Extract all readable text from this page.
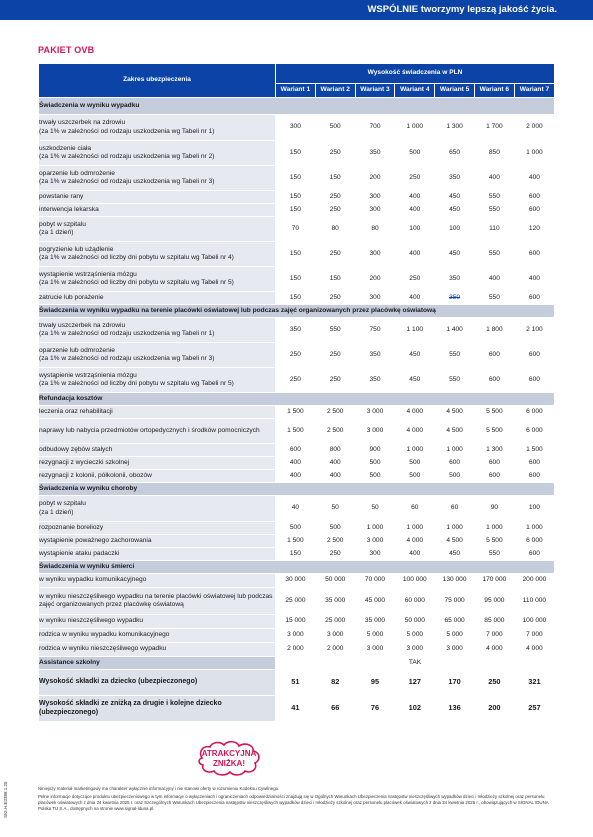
WSPÓLNIE tworzymy lepszą jakość życia.
PAKIET OVB
Zakres ubezpieczenia	Wysokość świadczenia w PLN						
	Wariant 1	Wariant 2	Wariant 3	Wariant 4	Wariant 5	Wariant 6	Wariant 7
Świadczenia w wyniku wypadku							

trwały uszczerbek na zdrowiu
(za 1% w zależności od rodzaju uszkodzenia wg Tabeli nr 1)	300	500	700	1 000	1 300	1 700	2 000

uszkodzenie ciała
(za 1% w zależności od rodzaju uszkodzenia wg Tabeli nr 2)	150	250	350	500	650	850	1 000

oparzenie lub odmrożenie
(za 1% w zależności od rodzaju uszkodzenia wg Tabeli nr 3)	150	150	200	250	350	400	400

powstanie rany	150	250	300	400	450	550	600

interwencja lekarska	150	250	300	400	450	550	600

pobyt w szpitalu
(za 1 dzień)	70	80	80	100	100	110	120

pogryzienie lub użądlenie
(za 1% w zależności od liczby dni pobytu w szpitalu wg Tabeli nr 4)	150	250	300	400	450	550	600

wystąpienie wstrząśnienia mózgu
(za 1% w zależności od liczby dni pobytu w szpitalu wg Tabeli nr 5)	150	150	200	250	350	400	400

zatrucie lub porażenie	150	250	300	400	350	550	600
Świadczenia w wyniku wypadku na terenie placówki oświatowej lub podczas zajęć organizowanych przez placówkę oświatową							

trwały uszczerbek na zdrowiu
(za 1% w zależności od rodzaju uszkodzenia wg Tabeli nr 1)	350	550	750	1 100	1 400	1 800	2 100

oparzenie lub odmrożenie
(za 1% w zależności od rodzaju uszkodzenia wg Tabeli nr 3)	250	250	350	450	550	600	600

wystąpienie wstrząśnienia mózgu
(za 1% w zależności od liczby dni pobytu w szpitalu wg Tabeli nr 5)	250	250	350	450	550	600	600
Refundacja kosztów							

leczenia oraz rehabilitacji	1 500	2 500	3 000	4 000	4 500	5 500	6 000

naprawy lub nabycia przedmiotów ortopedycznych i środków pomocniczych	1 500	2 500	3 000	4 000	4 500	5 500	6 000

odbudowy zębów stałych	600	800	900	1 000	1 000	1 300	1 500

rezygnacji z wycieczki szkolnej	400	400	500	500	600	600	600

rezygnacji z kolonii, półkolonii, obozów	400	400	500	500	500	600	600
Świadczenia w wyniku choroby							

pobyt w szpitalu
(za 1 dzień)	40	50	50	60	60	90	100

rozpoznanie boreliozy	500	500	1 000	1 000	1 000	1 000	1 000

wystąpienie poważnego zachorowania	1 500	2 500	3 000	4 000	4 500	5 500	6 000

wystąpienie ataku padaczki	150	250	300	400	450	550	600
Świadczenia w wyniku śmierci							

w wyniku wypadku komunikacyjnego	30 000	50 000	70 000	100 000	130 000	170 000	200 000

w wyniku nieszczęśliwego wypadku na terenie placówki oświatowej lub podczas zajęć organizowanych przez placówkę oświatową	25 000	35 000	45 000	60 000	75 000	95 000	110 000

w wyniku nieszczęśliwego wypadku	15 000	25 000	35 000	50 000	65 000	85 000	100 000

rodzica w wyniku wypadku komunikacyjnego	3 000	3 000	5 000	5 000	5 000	7 000	7 000

rodzica w wyniku nieszczęśliwego wypadku	2 000	2 000	3 000	3 000	3 000	4 000	4 000
Assistance szkolny	TAK						
Wysokość składki za dziecko (ubezpieczonego)	51	82	95	127	170	250	321
Wysokość składki ze zniżką za drugie i kolejne dziecko (ubezpieczonego)	41	66	76	102	136	200	257
ATRAKCYJNA
ZNIŻKA!
SIG.H.E3388.1.25	Niniejszy materiał marketingowy ma charakter wyłącznie informacyjny i nie stanowi oferty w rozumieniu Kodeksu Cywilnego.

Pełne informacje dotyczące produktu ubezpieczeniowego w tym informacje o wyłączeniach i ograniczeniach odpowiedzialności znajdują się w Ogólnych Warunkach Ubezpieczenia następstw nieszczęśliwych wypadków dzieci i młodzieży szkolnej oraz personelu placówek oświatowych z dnia 24 kwietnia 2025 r. oraz Szczególnych Warunkach Ubezpieczenia następstw nieszczęśliwych wypadków dzieci i młodzieży szkolnej oraz personelu placówek oświatowych z dnia 24 kwietnia 2025 r., obowiązujących w SIGNAL IDUNA Polska TU S.A., dostępnych na stronie www.signal-iduna.pl.
